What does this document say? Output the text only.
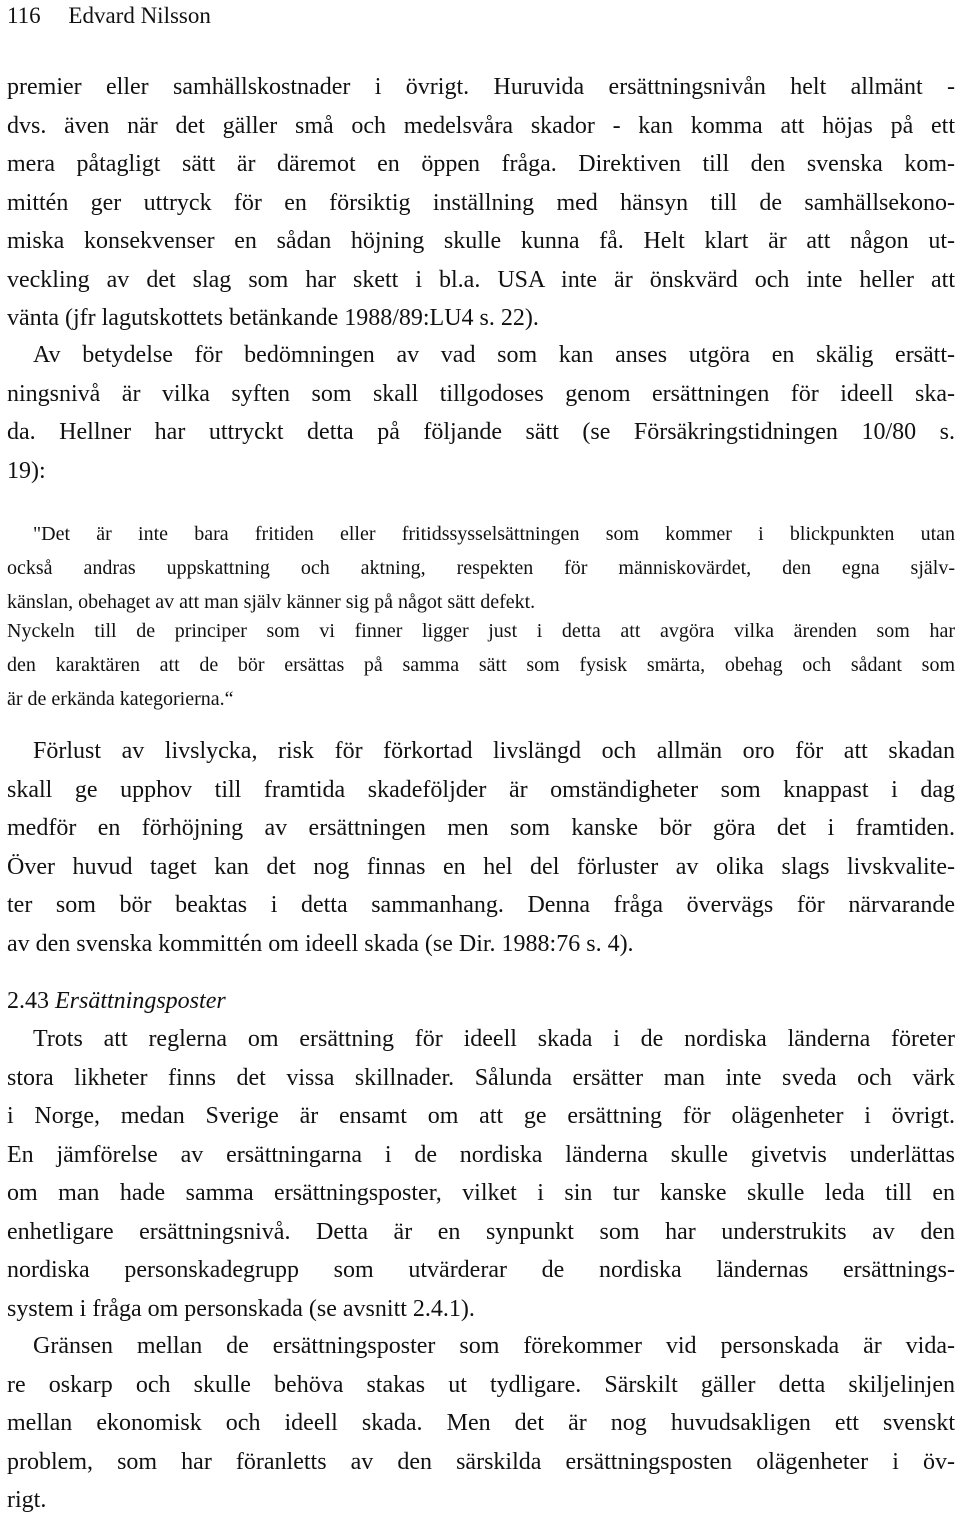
116 Edvard Nilsson
premier eller samhällskostnader i övrigt. Huruvida ersättningsnivån helt allmänt -
dvs. även när det gäller små och medelsvåra skador - kan komma att höjas på ett
mera påtagligt sätt är däremot en öppen fråga. Direktiven till den svenska kom-
mittén ger uttryck för en försiktig inställning med hänsyn till de samhällsekono-
miska konsekvenser en sådan höjning skulle kunna få. Helt klart är att någon ut-
veckling av det slag som har skett i bl.a. USA inte är önskvärd och inte heller att
vänta (jfr lagutskottets betänkande 1988/89:LU4 s. 22).
Av betydelse för bedömningen av vad som kan anses utgöra en skälig ersätt-
ningsnivå är vilka syften som skall tillgodoses genom ersättningen för ideell ska-
da. Hellner har uttryckt detta på följande sätt (se Försäkringstidningen 10/80 s.
19):
"Det är inte bara fritiden eller fritidssysselsättningen som kommer i blickpunkten utan
också andras uppskattning och aktning, respekten för människovärdet, den egna själv-
känslan, obehaget av att man själv känner sig på något sätt defekt.
Nyckeln till de principer som vi finner ligger just i detta att avgöra vilka ärenden som har
den karaktären att de bör ersättas på samma sätt som fysisk smärta, obehag och sådant som
är de erkända kategorierna.“
Förlust av livslycka, risk för förkortad livslängd och allmän oro för att skadan
skall ge upphov till framtida skadeföljder är omständigheter som knappast i dag
medför en förhöjning av ersättningen men som kanske bör göra det i framtiden.
Över huvud taget kan det nog finnas en hel del förluster av olika slags livskvalite-
ter som bör beaktas i detta sammanhang. Denna fråga övervägs för närvarande
av den svenska kommittén om ideell skada (se Dir. 1988:76 s. 4).
2.43 Ersättningsposter
Trots att reglerna om ersättning för ideell skada i de nordiska länderna företer
stora likheter finns det vissa skillnader. Sålunda ersätter man inte sveda och värk
i Norge, medan Sverige är ensamt om att ge ersättning för olägenheter i övrigt.
En jämförelse av ersättningarna i de nordiska länderna skulle givetvis underlättas
om man hade samma ersättningsposter, vilket i sin tur kanske skulle leda till en
enhetligare ersättningsnivå. Detta är en synpunkt som har understrukits av den
nordiska personskadegrupp som utvärderar de nordiska ländernas ersättnings-
system i fråga om personskada (se avsnitt 2.4.1).
Gränsen mellan de ersättningsposter som förekommer vid personskada är vida-
re oskarp och skulle behöva stakas ut tydligare. Särskilt gäller detta skiljelinjen
mellan ekonomisk och ideell skada. Men det är nog huvudsakligen ett svenskt
problem, som har föranletts av den särskilda ersättningsposten olägenheter i öv-
rigt.
